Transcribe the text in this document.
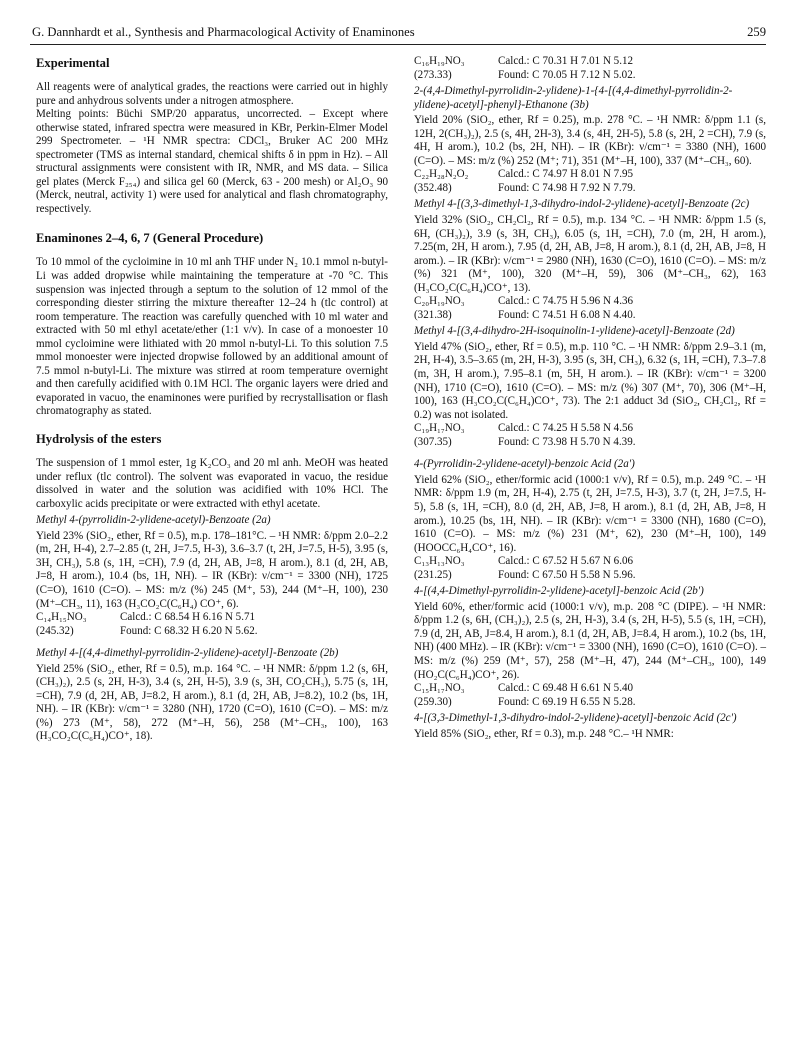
G. Dannhardt et al., Synthesis and Pharmacological Activity of Enaminones	259
Experimental

All reagents were of analytical grades, the reactions were carried out in highly pure and anhydrous solvents under a nitrogen atmosphere.

Melting points: Büchi SMP/20 apparatus, uncorrected. – Except where otherwise stated, infrared spectra were measured in KBr, Perkin-Elmer Model 299 Spectrometer. – ¹H NMR spectra: CDCl₃, Bruker AC 200 MHz spectrometer (TMS as internal standard, chemical shifts δ in ppm in Hz). – All structural assignments were consistent with IR, NMR, and MS data. – Silica gel plates (Merck F₂₅₄) and silica gel 60 (Merck, 63 - 200 mesh) or Al₂O₃ 90 (Merck, neutral, activity 1) were used for analytical and flash chromatography, respectively.

Enaminones 2–4, 6, 7 (General Procedure)

To 10 mmol of the cycloimine in 10 ml anh THF under N₂ 10.1 mmol n-butyl-Li was added dropwise while maintaining the temperature at -70 °C. This suspension was injected through a septum to the solution of 12 mmol of the corresponding diester stirring the mixture thereafter 12–24 h (tlc control) at room temperature. The reaction was carefully quenched with 10 ml water and extracted with 50 ml ethyl acetate/ether (1:1 v/v). In case of a monoester 10 mmol cycloimine were lithiated with 20 mmol n-butyl-Li. To this solution 7.5 mmol monoester were injected dropwise followed by an additional amount of 7.5 mmol n-butyl-Li. The mixture was stirred at room temperature overnight and then carefully acidified with 0.1M HCl. The organic layers were dried and evaporated in vacuo, the enaminones were purified by recrystallisation or flash chromatography as stated.

Hydrolysis of the esters

The suspension of 1 mmol ester, 1g K₂CO₃ and 20 ml anh. MeOH was heated under reflux (tlc control). The solvent was evaporated in vacuo, the residue dissolved in water and the solution was acidified with 10% HCl. The carboxylic acids precipitate or were extracted with ethyl acetate.

Methyl 4-(pyrrolidin-2-ylidene-acetyl)-Benzoate (2a)

Yield 23% (SiO₂, ether, Rf = 0.5), m.p. 178–181°C. – ¹H NMR: δ/ppm 2.0–2.2 (m, 2H, H-4), 2.7–2.85 (t, 2H, J=7.5, H-3), 3.6–3.7 (t, 2H, J=7.5, H-5), 3.95 (s, 3H, CH₃), 5.8 (s, 1H, =CH), 7.9 (d, 2H, AB, J=8, H arom.), 8.1 (d, 2H, AB, J=8, H arom.), 10.4 (bs, 1H, NH). – IR (KBr): ν/cm⁻¹ = 3300 (NH), 1725 (C=O), 1610 (C=O). – MS: m/z (%) 245 (M⁺, 53), 244 (M⁺–H, 100), 230 (M⁺–CH₃, 11), 163 (H₃CO₂C(C₆H₄) CO⁺, 6).

C₁₄H₁₅NO₃	Calcd.: C 68.54 H 6.16 N 5.71
(245.32)	Found: C 68.32 H 6.20 N 5.62.

Methyl 4-[(4,4-dimethyl-pyrrolidin-2-ylidene)-acetyl]-Benzoate (2b)

Yield 25% (SiO₂, ether, Rf = 0.5), m.p. 164 °C. – ¹H NMR: δ/ppm 1.2 (s, 6H, (CH₃)₂), 2.5 (s, 2H, H-3), 3.4 (s, 2H, H-5), 3.9 (s, 3H, CO₂CH₃), 5.75 (s, 1H, =CH), 7.9 (d, 2H, AB, J=8.2, H arom.), 8.1 (d, 2H, AB, J=8.2), 10.2 (bs, 1H, NH). – IR (KBr): ν/cm⁻¹ = 3280 (NH), 1720 (C=O), 1610 (C=O). – MS: m/z (%) 273 (M⁺, 58), 272 (M⁺–H, 56), 258 (M⁺–CH₃, 100), 163 (H₃CO₂C(C₆H₄)CO⁺, 18).

C₁₆H₁₉NO₃	Calcd.: C 70.31 H 7.01 N 5.12
(273.33)	Found: C 70.05 H 7.12 N 5.02.

2-(4,4-Dimethyl-pyrrolidin-2-ylidene)-1-{4-[(4,4-dimethyl-pyrrolidin-2-ylidene)-acetyl]-phenyl}-Ethanone (3b)

Yield 20% (SiO₂, ether, Rf = 0.25), m.p. 278 °C. – ¹H NMR: δ/ppm 1.1 (s, 12H, 2(CH₃)₂), 2.5 (s, 4H, 2H-3), 3.4 (s, 4H, 2H-5), 5.8 (s, 2H, 2 =CH), 7.9 (s, 4H, H arom.), 10.2 (bs, 2H, NH). – IR (KBr): ν/cm⁻¹ = 3380 (NH), 1600 (C=O). – MS: m/z (%) 252 (M⁺; 71), 351 (M⁺–H, 100), 337 (M⁺–CH₃, 60).

C₂₂H₂₈N₂O₂	Calcd.: C 74.97 H 8.01 N 7.95
(352.48)	Found: C 74.98 H 7.92 N 7.79.

Methyl 4-[(3,3-dimethyl-1,3-dihydro-indol-2-ylidene)-acetyl]-Benzoate (2c)

Yield 32% (SiO₂, CH₂Cl₂, Rf = 0.5), m.p. 134 °C. – ¹H NMR: δ/ppm 1.5 (s, 6H, (CH₃)₂), 3.9 (s, 3H, CH₃), 6.05 (s, 1H, =CH), 7.0 (m, 2H, H arom.), 7.25(m, 2H, H arom.), 7.95 (d, 2H, AB, J=8, H arom.), 8.1 (d, 2H, AB, J=8, H arom.). – IR (KBr): ν/cm⁻¹ = 2980 (NH), 1630 (C=O), 1610 (C=O). – MS: m/z (%) 321 (M⁺, 100), 320 (M⁺–H, 59), 306 (M⁺–CH₃, 62), 163 (H₃CO₂C(C₆H₄)CO⁺, 13).

C₂₀H₁₉NO₃	Calcd.: C 74.75 H 5.96 N 4.36
(321.38)	Found: C 74.51 H 6.08 N 4.40.

Methyl 4-[(3,4-dihydro-2H-isoquinolin-1-ylidene)-acetyl]-Benzoate (2d)

Yield 47% (SiO₂, ether, Rf = 0.5), m.p. 110 °C. – ¹H NMR: δ/ppm 2.9–3.1 (m, 2H, H-4), 3.5–3.65 (m, 2H, H-3), 3.95 (s, 3H, CH₃), 6.32 (s, 1H, =CH), 7.3–7.8 (m, 3H, H arom.), 7.95–8.1 (m, 5H, H arom.). – IR (KBr): ν/cm⁻¹ = 3200 (NH), 1710 (C=O), 1610 (C=O). – MS: m/z (%) 307 (M⁺, 70), 306 (M⁺–H, 100), 163 (H₃CO₂C(C₆H₄)CO⁺, 73). The 2:1 adduct 3d (SiO₂, CH₂Cl₂, Rf = 0.2) was not isolated.

C₁₉H₁₇NO₃	Calcd.: C 74.25 H 5.58 N 4.56
(307.35)	Found: C 73.98 H 5.70 N 4.39.

4-(Pyrrolidin-2-ylidene-acetyl)-benzoic Acid (2a')

Yield 62% (SiO₂, ether/formic acid (1000:1 v/v), Rf = 0.5), m.p. 249 °C. – ¹H NMR: δ/ppm 1.9 (m, 2H, H-4), 2.75 (t, 2H, J=7.5, H-3), 3.7 (t, 2H, J=7.5, H-5), 5.8 (s, 1H, =CH), 8.0 (d, 2H, AB, J=8, H arom.), 8.1 (d, 2H, AB, J=8, H arom.), 10.25 (bs, 1H, NH). – IR (KBr): ν/cm⁻¹ = 3300 (NH), 1680 (C=O), 1610 (C=O). – MS: m/z (%) 231 (M⁺, 62), 230 (M⁺–H, 100), 149 (HOOCC₆H₄CO⁺, 16).

C₁₃H₁₃NO₃	Calcd.: C 67.52 H 5.67 N 6.06
(231.25)	Found: C 67.50 H 5.58 N 5.96.

4-[(4,4-Dimethyl-pyrrolidin-2-ylidene)-acetyl]-benzoic Acid (2b')

Yield 60%, ether/formic acid (1000:1 v/v), m.p. 208 °C (DIPE). – ¹H NMR: δ/ppm 1.2 (s, 6H, (CH₃)₂), 2.5 (s, 2H, H-3), 3.4 (s, 2H, H-5), 5.5 (s, 1H, =CH), 7.9 (d, 2H, AB, J=8.4, H arom.), 8.1 (d, 2H, AB, J=8.4, H arom.), 10.2 (bs, 1H, NH) (400 MHz). – IR (KBr): ν/cm⁻¹ = 3300 (NH), 1690 (C=O), 1610 (C=O). – MS: m/z (%) 259 (M⁺, 57), 258 (M⁺–H, 47), 244 (M⁺–CH₃, 100), 149 (HO₂C(C₆H₄)CO⁺, 26).

C₁₅H₁₇NO₃	Calcd.: C 69.48 H 6.61 N 5.40
(259.30)	Found: C 69.19 H 6.55 N 5.28.

4-[(3,3-Dimethyl-1,3-dihydro-indol-2-ylidene)-acetyl]-benzoic Acid (2c')

Yield 85% (SiO₂, ether, Rf = 0.3), m.p. 248 °C.– ¹H NMR:
